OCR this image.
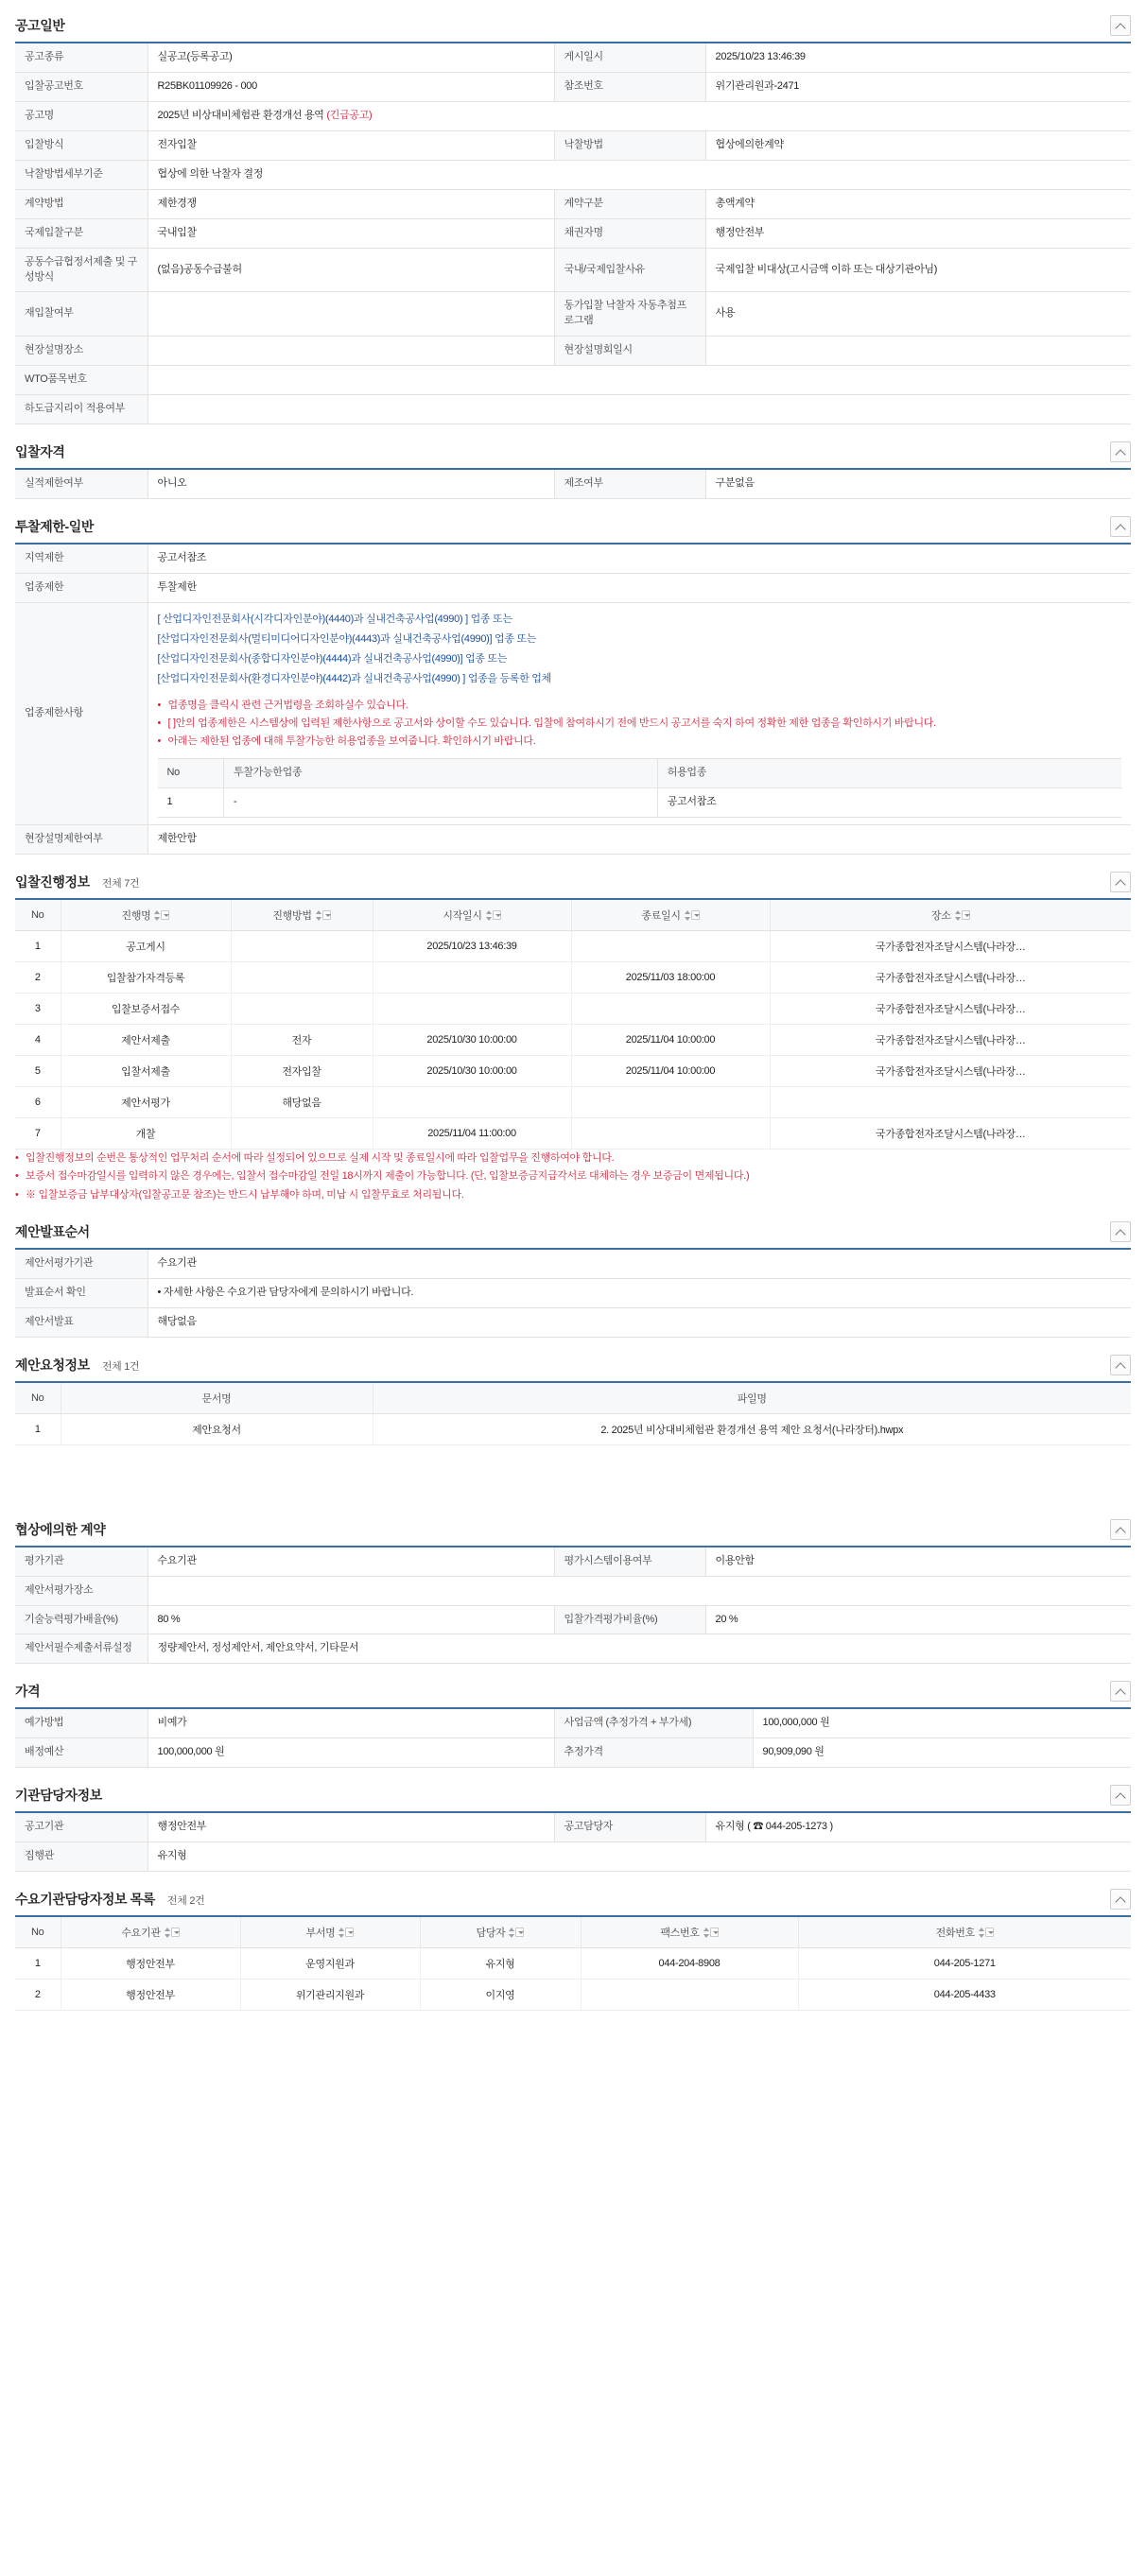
공고일반
공고종류	실공고(등록공고)	게시일시	2025/10/23 13:46:39
입찰공고번호	R25BK01109926 - 000	참조번호	위기관리원과-2471
공고명	2025년 비상대비체험관 환경개선 용역 (긴급공고)		
입찰방식	전자입찰	낙찰방법	협상에의한계약
낙찰방법세부기준	협상에 의한 낙찰자 결정		
계약방법	제한경쟁	계약구분	총액계약
국제입찰구분	국내입찰	채권자명	행정안전부
공동수급협정서제출 및 구성방식	(없음)공동수급불허	국내/국제입찰사유	국제입찰 비대상(고시금액 이하 또는 대상기관아님)
재입찰여부		동가입찰 낙찰자 자동추첨프로그램	사용
현장설명장소		현장설명회일시	
WTO품목번호			
하도급지리이 적용여부			
입찰자격
실적제한여부	아니오	제조여부	구분없음
투찰제한-일반
지역제한	공고서참조
업종제한	투찰제한
업종제한사항	
[ 산업디자인전문회사(시각디자인분야)(4440)과 실내건축공사업(4990) ] 업종 또는
[산업디자인전문회사(멀티미디어디자인분야)(4443)과 실내건축공사업(4990)] 업종 또는
[산업디자인전문회사(종합디자인분야)(4444)과 실내건축공사업(4990)] 업종 또는
[산업디자인전문회사(환경디자인분야)(4442)과 실내건축공사업(4990) ] 업종을 등록한 업체
• 업종명을 클릭시 관련 근거법령을 조회하실수 있습니다.
• [ ]안의 업종제한은 시스템상에 입력된 제한사항으로 공고서와 상이할 수도 있습니다. 입찰에 참여하시기 전에 반드시 공고서를 숙지 하여 정확한 제한 업종을 확인하시기 바랍니다.
• 아래는 제한된 업종에 대해 투찰가능한 허용업종을 보여줍니다. 확인하시기 바랍니다.
No	투찰가능한업종	허용업종
1	-	공고서참조

현장설명제한여부	제한안함
입찰진행정보 전체 7건
No	진행명	진행방법	시작일시	종료일시	장소

1	공고게시		2025/10/23 13:46:39		국가종합전자조달시스템(나라장…
2	입찰참가자격등록			2025/11/03 18:00:00	국가종합전자조달시스템(나라장…
3	입찰보증서접수				국가종합전자조달시스템(나라장…
4	제안서제출	전자	2025/10/30 10:00:00	2025/11/04 10:00:00	국가종합전자조달시스템(나라장…
5	입찰서제출	전자입찰	2025/10/30 10:00:00	2025/11/04 10:00:00	국가종합전자조달시스템(나라장…
6	제안서평가	해당없음			
7	개찰		2025/11/04 11:00:00		국가종합전자조달시스템(나라장…
• 입찰진행정보의 순번은 통상적인 업무처리 순서에 따라 설정되어 있으므로 실제 시작 및 종료일시에 따라 입찰업무을 진행하여야 합니다.
• 보증서 접수마감일시를 입력하지 않은 경우에는, 입찰서 접수마감일 전일 18시까지 제출이 가능합니다. (단, 입찰보증금지급각서로 대체하는 경우 보증금이 면제됩니다.)
• ※ 입찰보증금 납부대상자(입찰공고문 참조)는 반드시 납부해야 하며, 미납 시 입찰무효로 처리됩니다.
제안발표순서
제안서평가기관	수요기관
발표순서 확인	• 자세한 사항은 수요기관 담당자에게 문의하시기 바랍니다.
제안서발표	해당없음
제안요청정보 전체 1건
No	문서명	파일명
1	제안요청서	2. 2025년 비상대비체험관 환경개선 용역 제안 요청서(나라장터).hwpx
협상에의한 계약
평가기관	수요기관	평가시스템이용여부	이용안함
제안서평가장소			
기술능력평가배율(%)	80 %	입찰가격평가비율(%)	20 %
제안서필수제출서류설정	정량제안서, 정성제안서, 제안요약서, 기타문서		
가격
예가방법	비예가	사업금액 (추정가격 + 부가세)	100,000,000 원
배정예산	100,000,000 원	추정가격	90,909,090 원
기관담당자정보
공고기관	행정안전부	공고담당자	유지형 ( ☎ 044-205-1273 )
집행관	유지형		
수요기관담당자정보 목록 전체 2건
No	수요기관	부서명	담당자	팩스번호	전화번호

1	행정안전부	운영지원과	유지형	044-204-8908	044-205-1271
2	행정안전부	위기관리지원과	이지영		044-205-4433
